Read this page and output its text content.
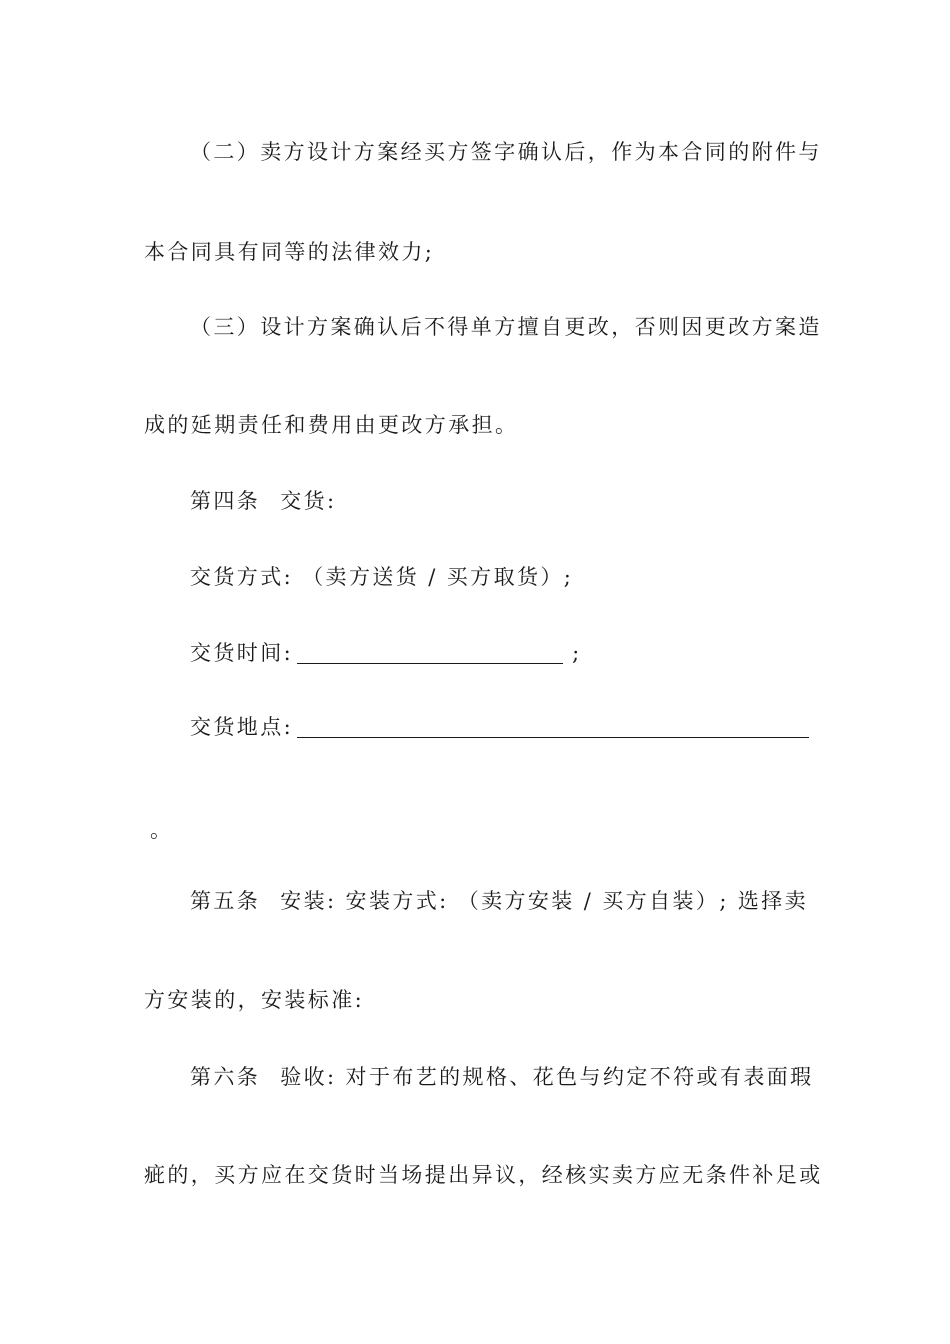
（二）卖方设计方案经买方签字确认后，作为本合同的附件与
本合同具有同等的法律效力;
（三）设计方案确认后不得单方擅自更改，否则因更改方案造
成的延期责任和费用由更改方承担。
第四条 交货:
交货方式: （卖方送货 / 买方取货）;
交货时间:	;
交货地点:
。
第五条 安装: 安装方式: （卖方安装 / 买方自装）; 选择卖
方安装的，安装标准:
第六条 验收: 对于布艺的规格、花色与约定不符或有表面瑕
疵的，买方应在交货时当场提出异议，经核实卖方应无条件补足或
